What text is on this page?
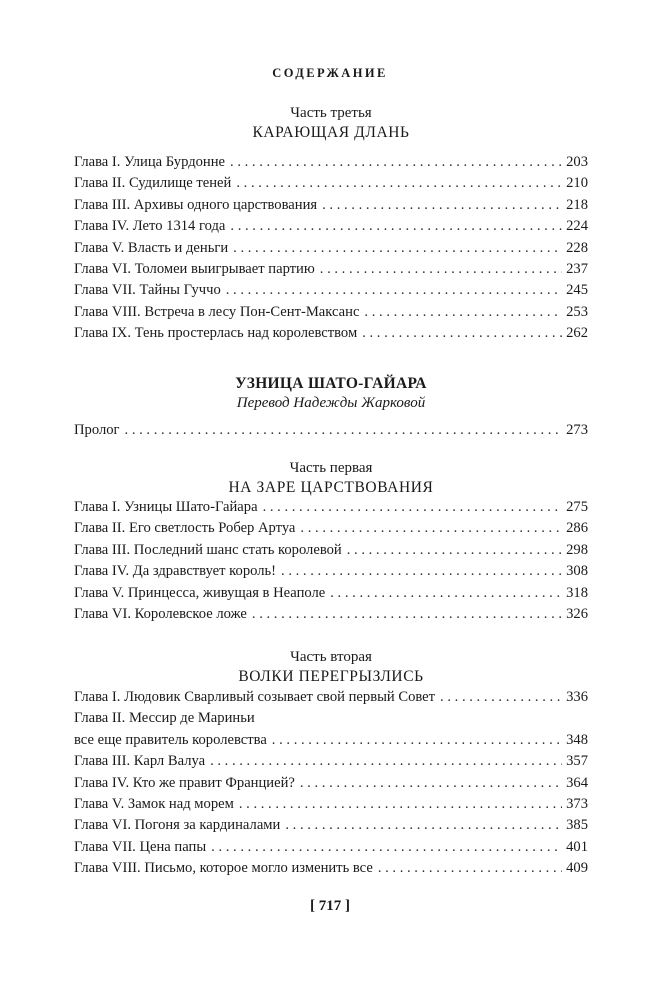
СОДЕРЖАНИЕ
Часть третья
КАРАЮЩАЯ ДЛАНЬ
Глава I. Улица Бурдонне . . .	203
Глава II. Судилище теней . . .	210
Глава III. Архивы одного царствования . . .	218
Глава IV. Лето 1314 года . . .	224
Глава V. Власть и деньги . . .	228
Глава VI. Толомеи выигрывает партию . . .	237
Глава VII. Тайны Гуччо . . .	245
Глава VIII. Встреча в лесу Пон-Сент-Максанс . . .	253
Глава IX. Тень простерлась над королевством . . .	262
УЗНИЦА ШАТО-ГАЙАРА
Перевод Надежды Жарковой
Пролог . . .	273
Часть первая
НА ЗАРЕ ЦАРСТВОВАНИЯ
Глава I. Узницы Шато-Гайара . . .	275
Глава II. Его светлость Робер Артуа . . .	286
Глава III. Последний шанс стать королевой . . .	298
Глава IV. Да здравствует король! . . .	308
Глава V. Принцесса, живущая в Неаполе . . .	318
Глава VI. Королевское ложе . . .	326
Часть вторая
ВОЛКИ ПЕРЕГРЫЗЛИСЬ
Глава I. Людовик Сварливый созывает свой первый Совет . . .	336
Глава II. Мессир де Мариньи
все еще правитель королевства . . .	348
Глава III. Карл Валуа . . .	357
Глава IV. Кто же правит Францией? . . .	364
Глава V. Замок над морем . . .	373
Глава VI. Погоня за кардиналами . . .	385
Глава VII. Цена папы . . .	401
Глава VIII. Письмо, которое могло изменить все . . .	409
[ 717 ]
